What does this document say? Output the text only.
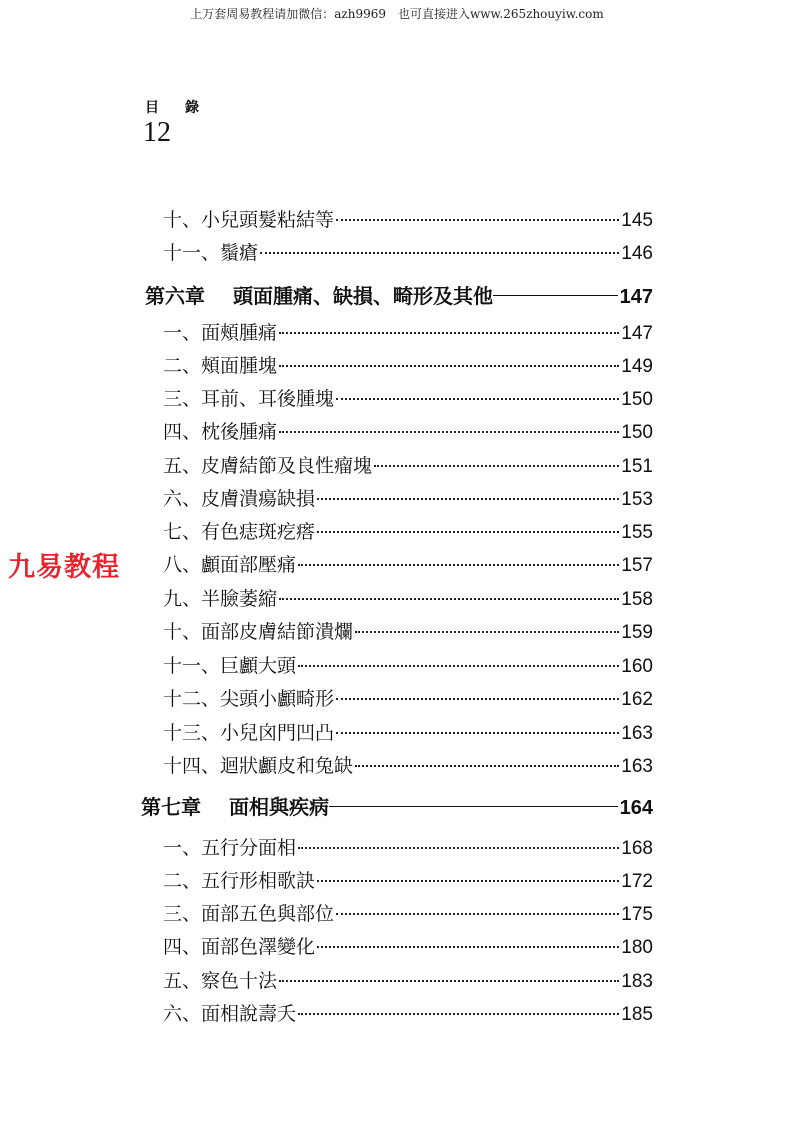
上万套周易教程请加微信：azh9969　也可直接进入www.265zhouyiw.com
目錄
12
九易教程
十、小兒頭髮粘結等	145
十一、鬚瘡	146
第六章 頭面腫痛、缺損、畸形及其他	147
一、面頰腫痛	147
二、頰面腫塊	149
三、耳前、耳後腫塊	150
四、枕後腫痛	150
五、皮膚結節及良性瘤塊	151
六、皮膚潰瘍缺損	153
七、有色痣斑疙瘩	155
八、顱面部壓痛	157
九、半臉萎縮	158
十、面部皮膚結節潰爛	159
十一、巨顱大頭	160
十二、尖頭小顱畸形	162
十三、小兒囟門凹凸	163
十四、迴狀顱皮和兔缺	163
第七章 面相與疾病	164
一、五行分面相	168
二、五行形相歌訣	172
三、面部五色與部位	175
四、面部色澤變化	180
五、察色十法	183
六、面相說壽夭	185
